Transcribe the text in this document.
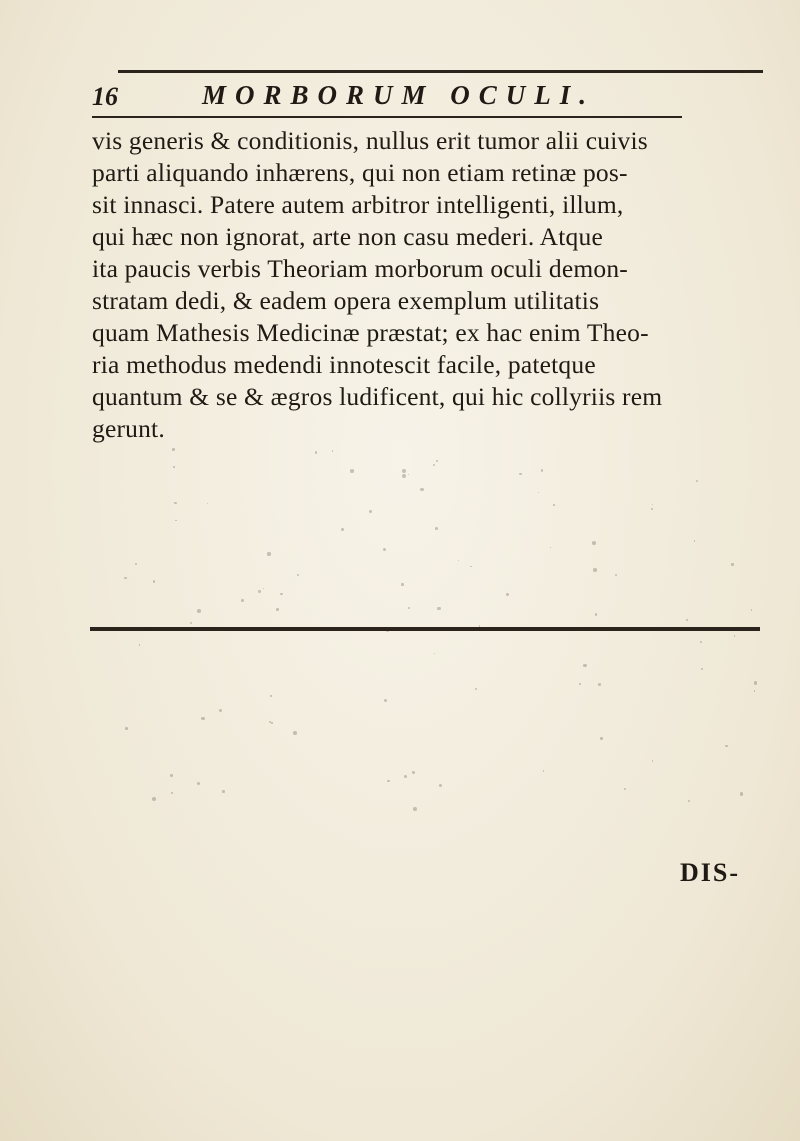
16	MORBORUM OCULI.
vis generis & conditionis, nullus erit tumor alii cuivis
parti aliquando inhærens, qui non etiam retinæ pos-
sit innasci. Patere autem arbitror intelligenti, illum,
qui hæc non ignorat, arte non casu mederi. Atque
ita paucis verbis Theoriam morborum oculi demon-
stratam dedi, & eadem opera exemplum utilitatis
quam Mathesis Medicinæ præstat; ex hac enim Theo-
ria methodus medendi innotescit facile, patetque
quantum & se & ægros ludificent, qui hic collyriis rem
gerunt.
DIS-
